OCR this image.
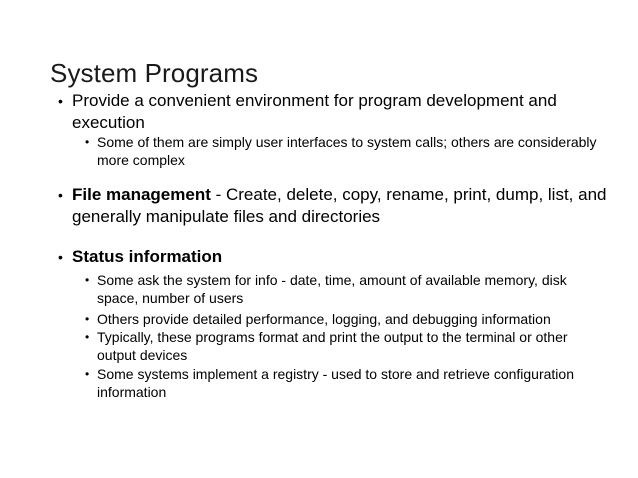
System Programs
• Provide a convenient environment for program development and execution
• Some of them are simply user interfaces to system calls; others are considerably more complex
• File management - Create, delete, copy, rename, print, dump, list, and generally manipulate files and directories
• Status information
• Some ask the system for info - date, time, amount of available memory, disk space, number of users
• Others provide detailed performance, logging, and debugging information
• Typically, these programs format and print the output to the terminal or other output devices
• Some systems implement a registry - used to store and retrieve configuration information
